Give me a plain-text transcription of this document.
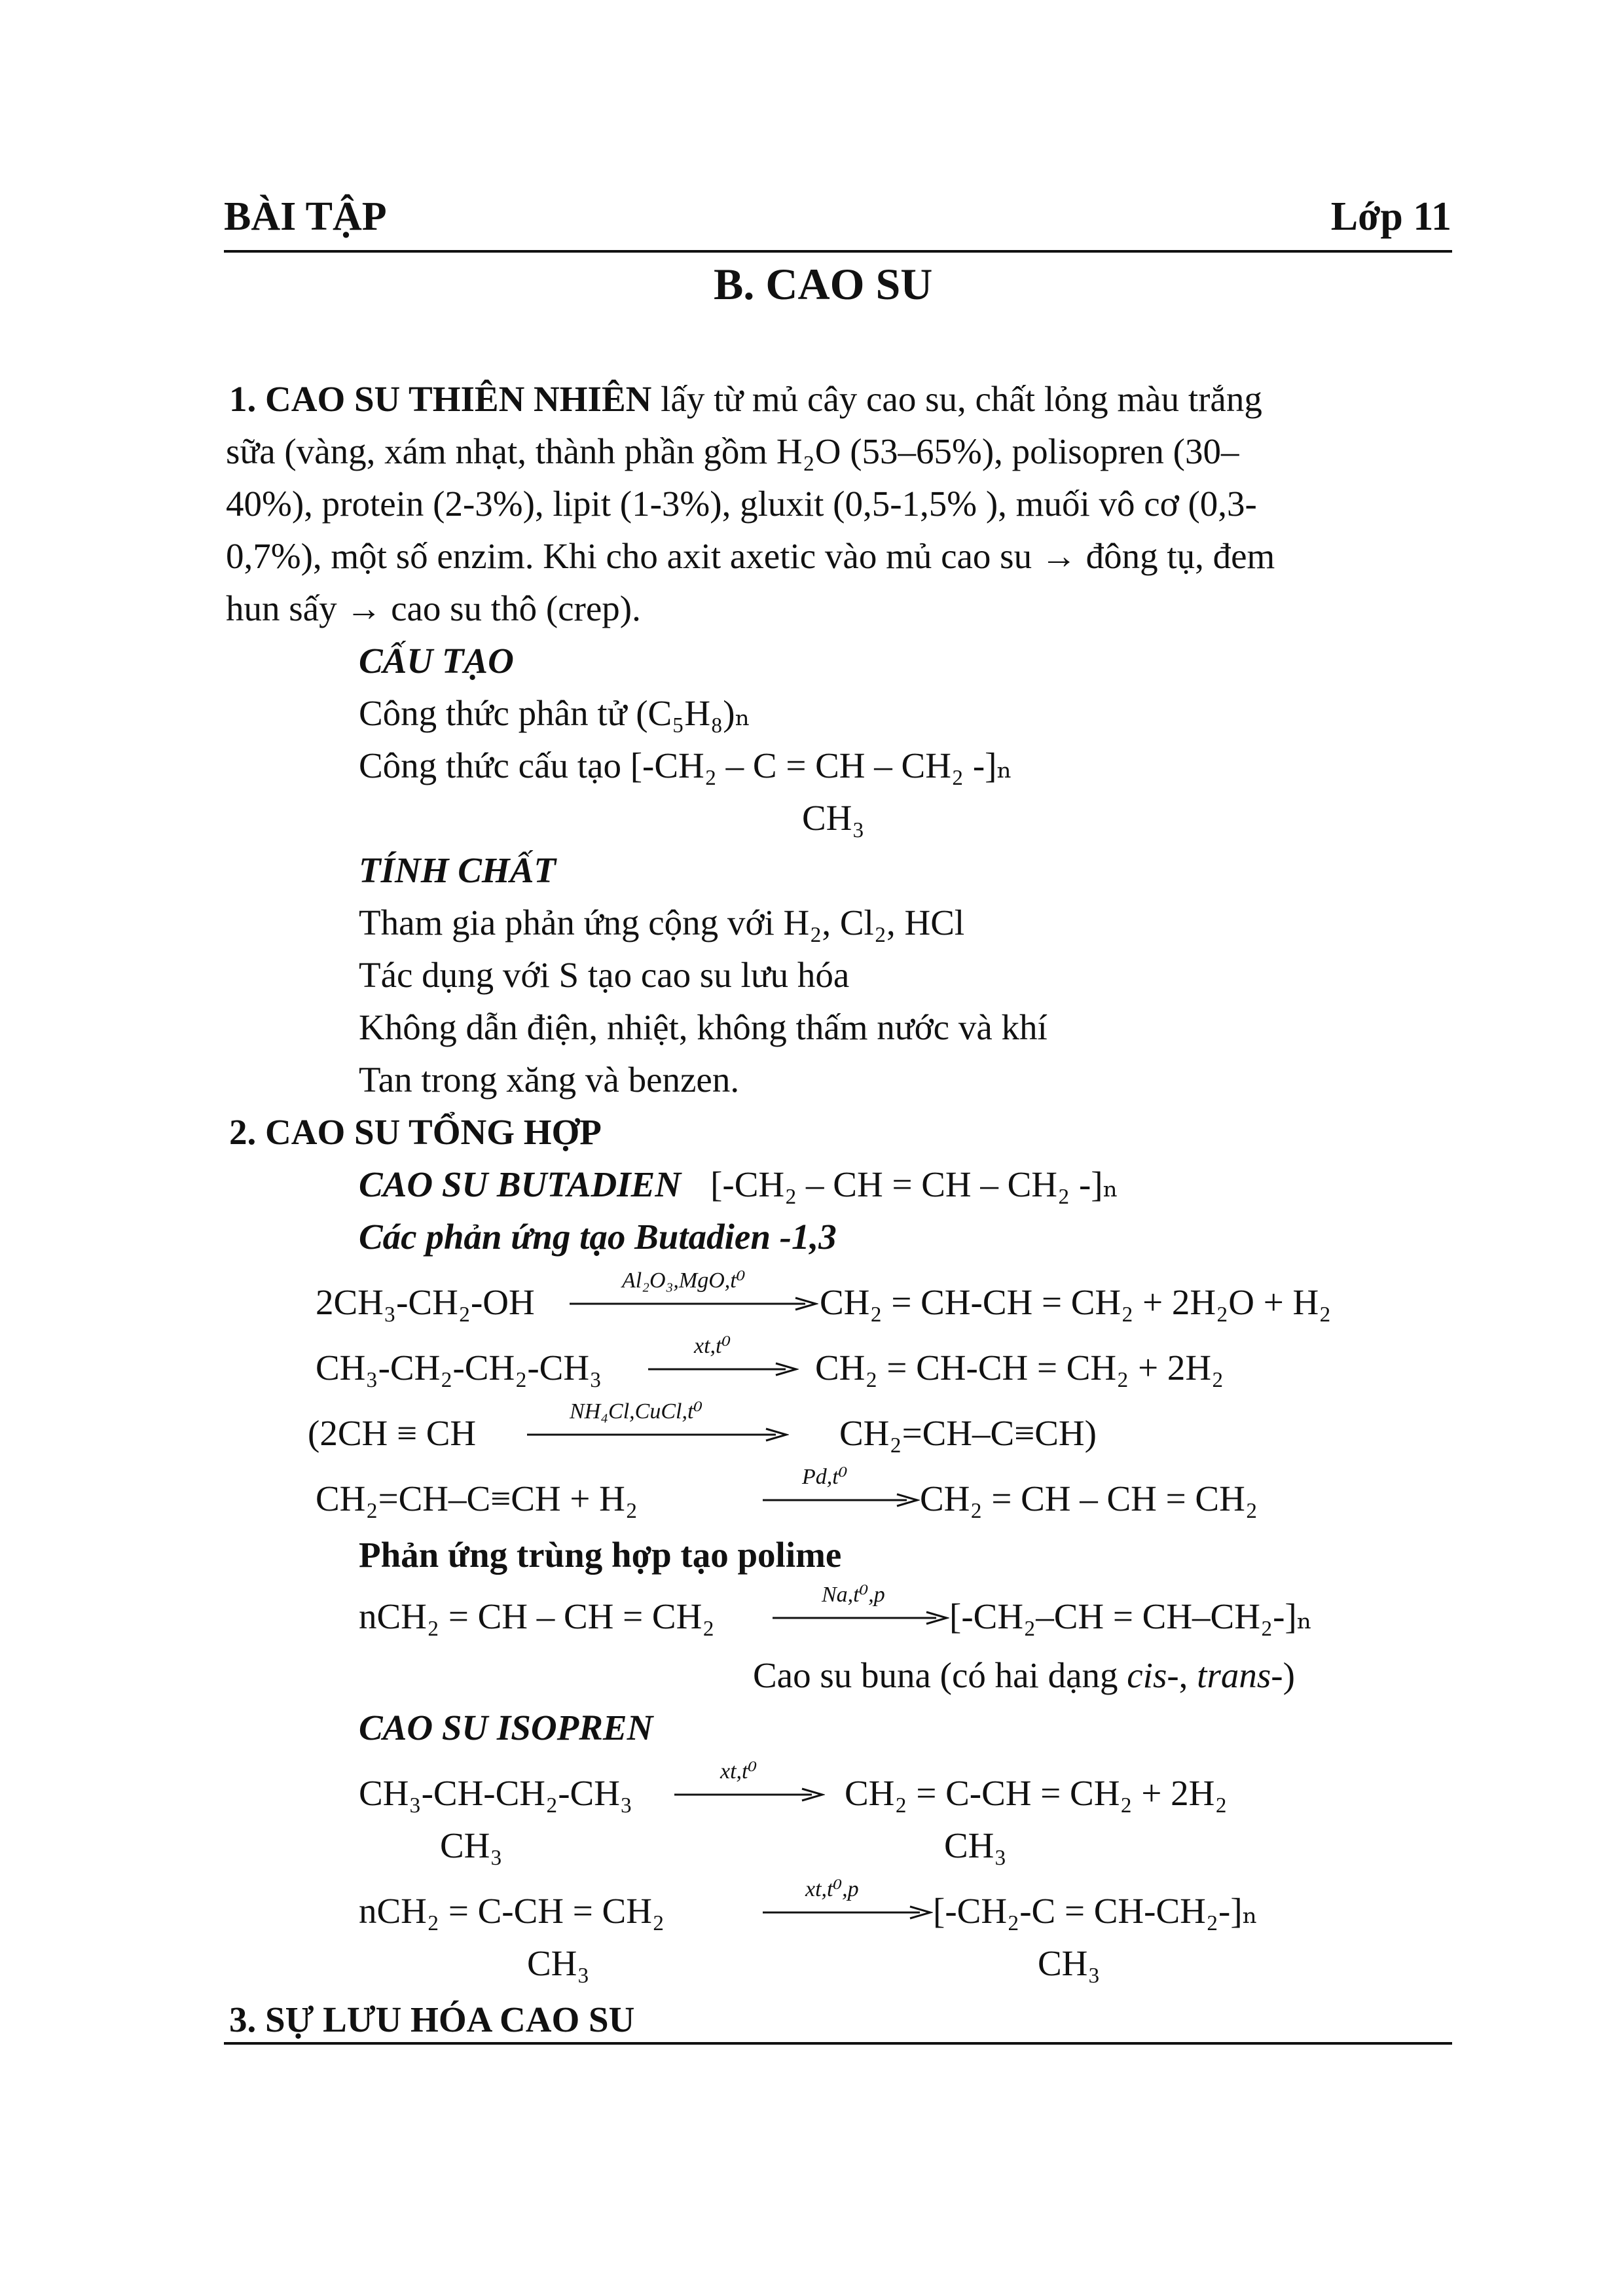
BÀI TẬP	Lớp 11
B. CAO SU
1. CAO SU THIÊN NHIÊN lấy từ mủ cây cao su, chất lỏng màu trắng
sữa (vàng, xám nhạt, thành phần gồm H₂O (53–65%), polisopren (30–
40%), protein (2-3%), lipit (1-3%), gluxit (0,5-1,5% ), muối vô cơ (0,3-
0,7%), một số enzim. Khi cho axit axetic vào mủ cao su → đông tụ, đem
hun sấy → cao su thô (crep).
CẤU TẠO
Công thức phân tử (C₅H₈)ₙ
Công thức cấu tạo [-CH₂ – C = CH – CH₂ -]ₙ
CH₃
TÍNH CHẤT
Tham gia phản ứng cộng với H₂, Cl₂, HCl
Tác dụng với S tạo cao su lưu hóa
Không dẫn điện, nhiệt, không thấm nước và khí
Tan trong xăng và benzen.
2. CAO SU TỔNG HỢP
CAO SU BUTADIEN [-CH₂ – CH = CH – CH₂ -]ₙ
Các phản ứng tạo Butadien -1,3
2CH₃-CH₂-OH
Al₂O₃,MgO,t⁰
CH₂ = CH-CH = CH₂ + 2H₂O + H₂
CH₃-CH₂-CH₂-CH₃
xt,t⁰
CH₂ = CH-CH = CH₂ + 2H₂
(2CH ≡ CH
NH₄Cl,CuCl,t⁰
CH₂=CH–C≡CH)
CH₂=CH–C≡CH + H₂
Pd,t⁰
CH₂ = CH – CH = CH₂
Phản ứng trùng hợp tạo polime
nCH₂ = CH – CH = CH₂
Na,t⁰,p
[-CH₂–CH = CH–CH₂-]ₙ
Cao su buna (có hai dạng cis-, trans-)
CAO SU ISOPREN
CH₃-CH-CH₂-CH₃
CH₃
xt,t⁰
CH₂ = C-CH = CH₂ + 2H₂
CH₃
nCH₂ = C-CH = CH₂
CH₃
xt,t⁰,p
[-CH₂-C = CH-CH₂-]ₙ
CH₃
3. SỰ LƯU HÓA CAO SU
